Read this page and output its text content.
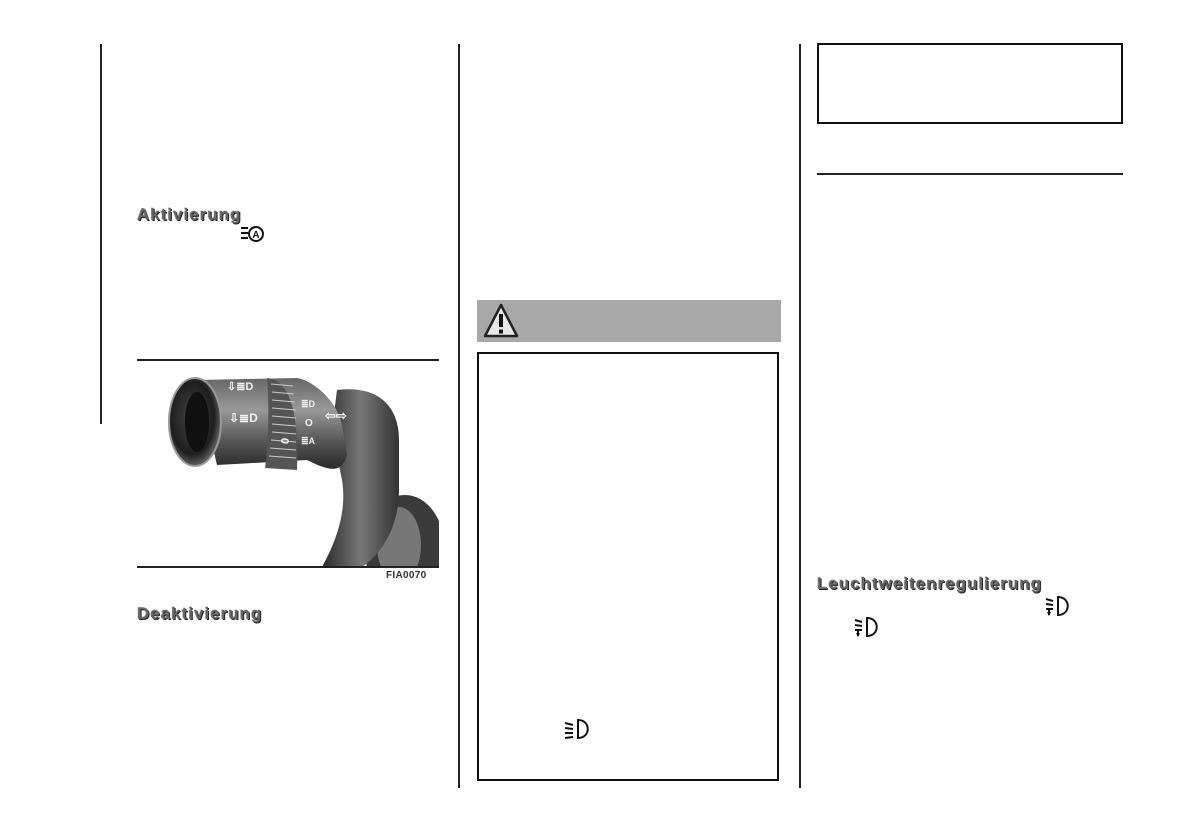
Aktivierung
A
⇩≣D
⇩≣D
≣D
O
⇦⇨
≣A
0
FIA0070
Deaktivierung
Leuchtweitenregulierung
